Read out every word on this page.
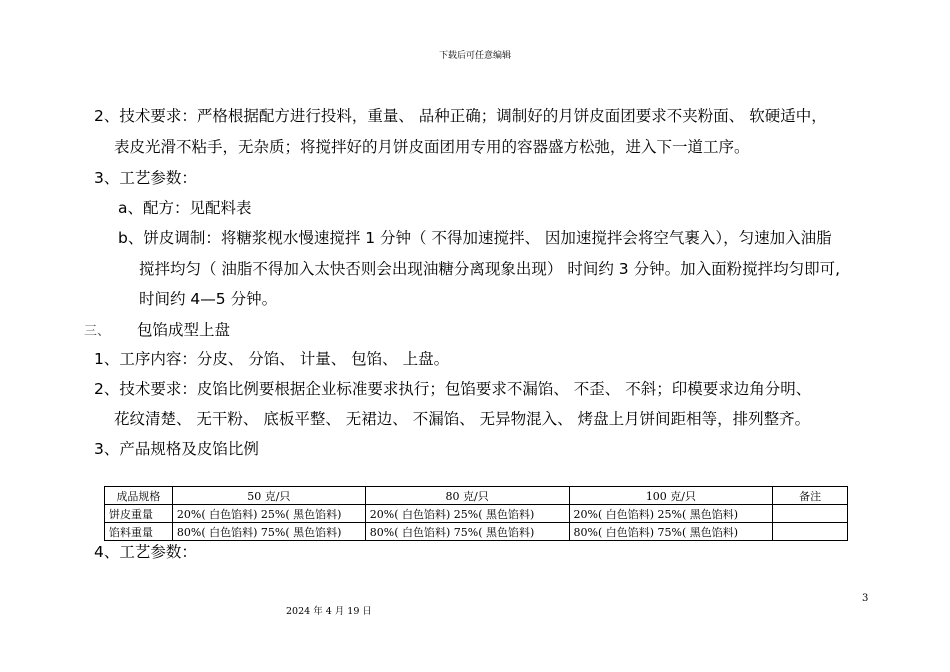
下载后可任意编辑
2、技术要求：严格根据配方进行投料，重量、 品种正确；调制好的月饼皮面团要求不夹粉面、 软硬适中，
表皮光滑不粘手，无杂质；将搅拌好的月饼皮面团用专用的容器盛方松弛，进入下一道工序。
3、工艺参数：
a、配方：见配料表
b、饼皮调制：将糖浆枧水慢速搅拌 1 分钟（ 不得加速搅拌、 因加速搅拌会将空气裹入），匀速加入油脂
搅拌均匀（ 油脂不得加入太快否则会出现油糖分离现象出现） 时间约 3 分钟。加入面粉搅拌均匀即可,
时间约 4—5 分钟。
三、 包馅成型上盘
1、工序内容：分皮、 分馅、 计量、 包馅、 上盘。
2、技术要求：皮馅比例要根据企业标准要求执行；包馅要求不漏馅、 不歪、 不斜；印模要求边角分明、
花纹清楚、 无干粉、 底板平整、 无裙边、 不漏馅、 无异物混入、 烤盘上月饼间距相等，排列整齐。
3、产品规格及皮馅比例
成品规格	50 克/只	80 克/只	100 克/只	备注
饼皮重量	20%( 白色馅料) 25%( 黑色馅料)	20%( 白色馅料) 25%( 黑色馅料)	20%( 白色馅料) 25%( 黑色馅料)	
馅料重量	80%( 白色馅料) 75%( 黑色馅料)	80%( 白色馅料) 75%( 黑色馅料)	80%( 白色馅料) 75%( 黑色馅料)	
4、工艺参数：
3
2024 年 4 月 19 日
